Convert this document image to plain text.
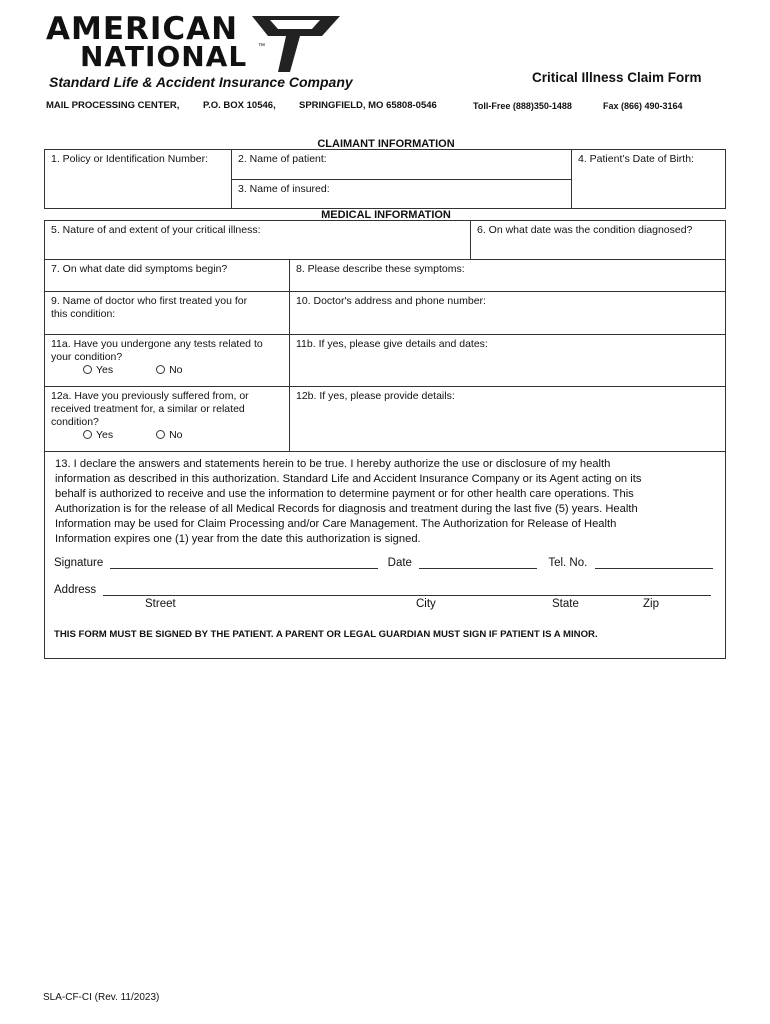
AMERICAN
NATIONAL ™
Standard Life & Accident Insurance Company	Critical Illness Claim Form
MAIL PROCESSING CENTER, P.O. BOX 10546, SPRINGFIELD, MO 65808-0546	Toll-Free (888)350-1488	Fax (866) 490-3164
CLAIMANT INFORMATION
1. Policy or Identification Number:	2. Name of patient:
3. Name of insured:
4. Patient’s Date of Birth:
MEDICAL INFORMATION
5. Nature of and extent of your critical illness:	6. On what date was the condition diagnosed?
7. On what date did symptoms begin?	8. Please describe these symptoms:
9. Name of doctor who first treated you for
this condition:
10. Doctor's address and phone number:
11a. Have you undergone any tests related to
your condition?
Yes	No
11b. If yes, please give details and dates:
12a. Have you previously suffered from, or
received treatment for, a similar or related
condition?
Yes	No
12b. If yes, please provide details:
13. I declare the answers and statements herein to be true. I hereby authorize the use or disclosure of my health
information as described in this authorization. Standard Life and Accident Insurance Company or its Agent acting on its
behalf is authorized to receive and use the information to determine payment or for other health care operations. This
Authorization is for the release of all Medical Records for diagnosis and treatment during the last five (5) years. Health
Information may be used for Claim Processing and/or Care Management. The Authorization for Release of Health
Information expires one (1) year from the date this authorization is signed.
Signature	Date	Tel. No.
Address
Street	City	State	Zip
THIS FORM MUST BE SIGNED BY THE PATIENT. A PARENT OR LEGAL GUARDIAN MUST SIGN IF PATIENT IS A MINOR.
SLA-CF-CI (Rev. 11/2023)
